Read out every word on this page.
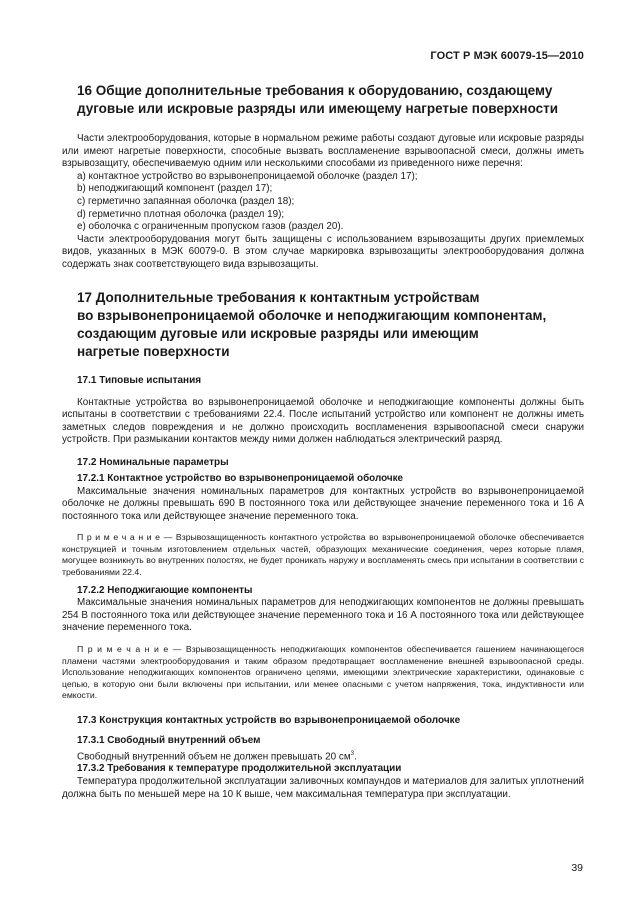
ГОСТ Р МЭК 60079-15—2010
16 Общие дополнительные требования к оборудованию, создающему
дуговые или искровые разряды или имеющему нагретые поверхности
Части электрооборудования, которые в нормальном режиме работы создают дуговые или искровые разряды или имеют нагретые поверхности, способные вызвать воспламенение взрывоопасной смеси, должны иметь взрывозащиту, обеспечиваемую одним или несколькими способами из приведенного ниже перечня:
a) контактное устройство во взрывонепроницаемой оболочке (раздел 17);
b) неподжигающий компонент (раздел 17);
c) герметично запаянная оболочка (раздел 18);
d) герметично плотная оболочка (раздел 19);
e) оболочка с ограниченным пропуском газов (раздел 20).
Части электрооборудования могут быть защищены с использованием взрывозащиты других приемлемых видов, указанных в МЭК 60079-0. В этом случае маркировка взрывозащиты электрооборудования должна содержать знак соответствующего вида взрывозащиты.
17 Дополнительные требования к контактным устройствам
во взрывонепроницаемой оболочке и неподжигающим компонентам,
создающим дуговые или искровые разряды или имеющим
нагретые поверхности
17.1 Типовые испытания
Контактные устройства во взрывонепроницаемой оболочке и неподжигающие компоненты должны быть испытаны в соответствии с требованиями 22.4. После испытаний устройство или компонент не должны иметь заметных следов повреждения и не должно происходить воспламенения взрывоопасной смеси снаружи устройств. При размыкании контактов между ними должен наблюдаться электрический разряд.
17.2 Номинальные параметры
17.2.1 Контактное устройство во взрывонепроницаемой оболочке
Максимальные значения номинальных параметров для контактных устройств во взрывонепроницаемой оболочке не должны превышать 690 В постоянного тока или действующее значение переменного тока и 16 А постоянного тока или действующее значение переменного тока.
П р и м е ч а н и е — Взрывозащищенность контактного устройства во взрывонепроницаемой оболочке обеспечивается конструкцией и точным изготовлением отдельных частей, образующих механические соединения, через которые пламя, могущее возникнуть во внутренних полостях, не будет проникать наружу и воспламенять смесь при испытании в соответствии с требованиями 22.4.
17.2.2 Неподжигающие компоненты
Максимальные значения номинальных параметров для неподжигающих компонентов не должны превышать 254 В постоянного тока или действующее значение переменного тока и 16 А постоянного тока или действующее значение переменного тока.
П р и м е ч а н и е — Взрывозащищенность неподжигающих компонентов обеспечивается гашением начинающегося пламени частями электрооборудования и таким образом предотвращает воспламенение внешней взрывоопасной среды. Использование неподжигающих компонентов ограничено цепями, имеющими электрические характеристики, одинаковые с цепью, в которую они были включены при испытании, или менее опасными с учетом напряжения, тока, индуктивности или емкости.
17.3 Конструкция контактных устройств во взрывонепроницаемой оболочке
17.3.1 Свободный внутренний объем
Свободный внутренний объем не должен превышать 20 $см^3$.
17.3.2 Требования к температуре продолжительной эксплуатации
Температура продолжительной эксплуатации заливочных компаундов и материалов для залитых уплотнений должна быть по меньшей мере на 10 К выше, чем максимальная температура при эксплуатации.
39
